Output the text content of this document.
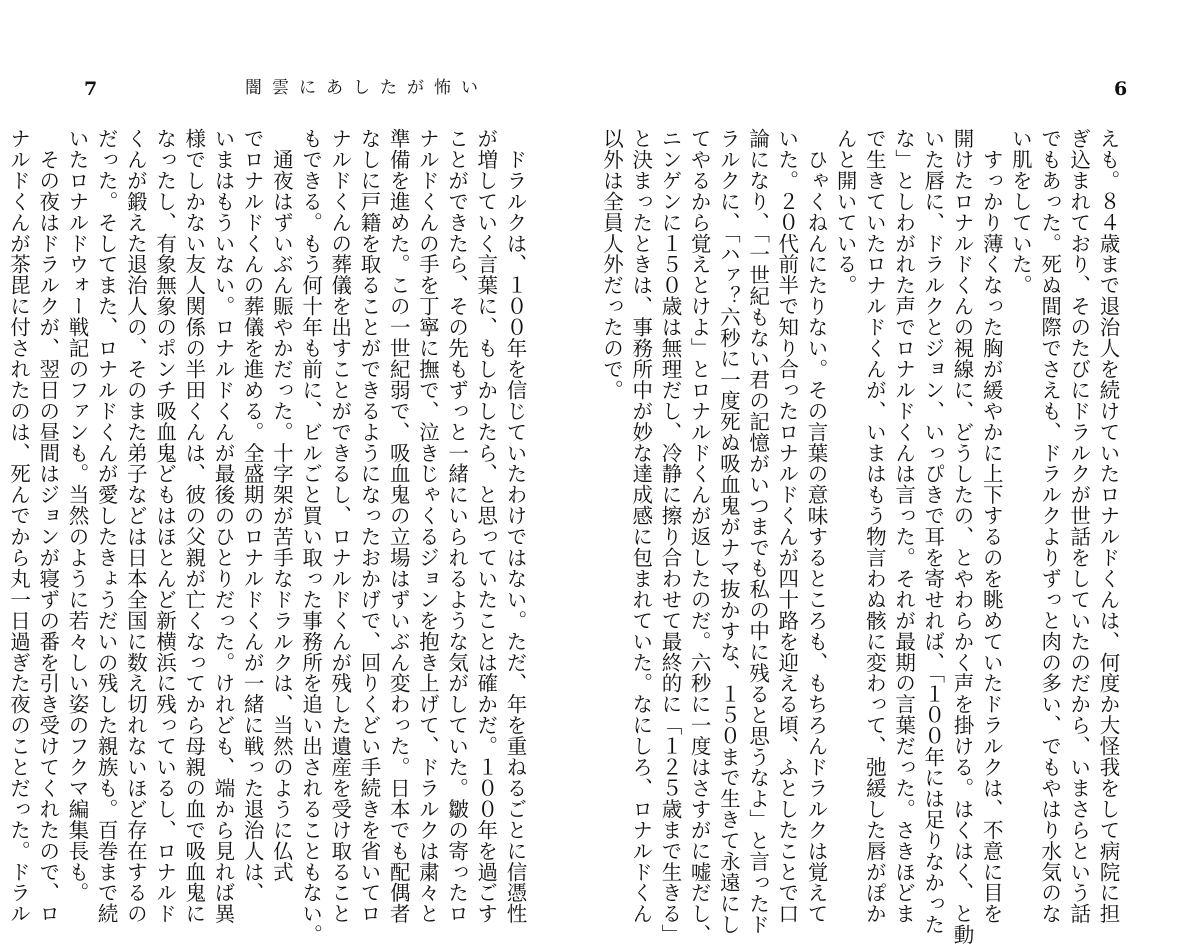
7	闇雲にあしたが怖い
　ドラルクは、１００年を信じていたわけではない。ただ、年を重ねるごとに信憑性
が増していく言葉に、もしかしたら、と思っていたことは確かだ。１００年を過ごす
ことができたら、その先もずっと一緒にいられるような気がしていた。皺の寄ったロ
ナルドくんの手を丁寧に撫で、泣きじゃくるジョンを抱き上げて、ドラルクは粛々と
準備を進めた。この一世紀弱で、吸血鬼の立場はずいぶん変わった。日本でも配偶者
なしに戸籍を取ることができるようになったおかげで、回りくどい手続きを省いてロ
ナルドくんの葬儀を出すことができるし、ロナルドくんが残した遺産を受け取ること
もできる。もう何十年も前に、ビルごと買い取った事務所を追い出されることもない。
　通夜はずいぶん賑やかだった。十字架が苦手なドラルクは、当然のように仏式
でロナルドくんの葬儀を進める。全盛期のロナルドくんが一緒に戦った退治人は、
いまはもういない。ロナルドくんが最後のひとりだった。けれども、端から見れば異
様でしかない友人関係の半田くんは、彼の父親が亡くなってから母親の血で吸血鬼に
なったし、有象無象のポンチ吸血鬼どもはほとんど新横浜に残っているし、ロナルド
くんが鍛えた退治人の、そのまた弟子などは日本全国に数え切れないほど存在するの
だった。そしてまた、ロナルドくんが愛したきょうだいの残した親族も。百巻まで続
いたロナルドウォー戦記のファンも。当然のように若々しい姿のフクマ編集長も。
　その夜はドラルクが、翌日の昼間はジョンが寝ずの番を引き受けてくれたので、ロ
ナルドくんが茶毘に付されたのは、死んでから丸一日過ぎた夜のことだった。ドラル
6
えも。８４歳まで退治人を続けていたロナルドくんは、何度か大怪我をして病院に担
ぎ込まれており、そのたびにドラルクが世話をしていたのだから、いまさらという話
でもあった。死ぬ間際でさえも、ドラルクよりずっと肉の多い、でもやはり水気のな
い肌をしていた。
　すっかり薄くなった胸が緩やかに上下するのを眺めていたドラルクは、不意に目を
開けたロナルドくんの視線に、どうしたの、とやわらかく声を掛ける。はくはく、と動
いた唇に、ドラルクとジョン、いっぴきで耳を寄せれば、「１００年には足りなかった
な」としわがれた声でロナルドくんは言った。それが最期の言葉だった。さきほどま
で生きていたロナルドくんが、いまはもう物言わぬ骸に変わって、弛緩した唇がぽか
んと開いている。
　ひゃくねんにたりない。その言葉の意味するところも、もちろんドラルクは覚えて
いた。２０代前半で知り合ったロナルドくんが四十路を迎える頃、ふとしたことで口
論になり、「一世紀もない君の記憶がいつまでも私の中に残ると思うなよ」と言ったド
ラルクに、「ハァ？六秒に一度死ぬ吸血鬼がナマ抜かすな、１５０まで生きて永遠にし
てやるから覚えとけよ」とロナルドくんが返したのだ。六秒に一度はさすがに嘘だし、
ニンゲンに１５０歳は無理だし、冷静に擦り合わせて最終的に「１２５歳まで生きる」
と決まったときは、事務所中が妙な達成感に包まれていた。なにしろ、ロナルドくん
以外は全員人外だったので。
